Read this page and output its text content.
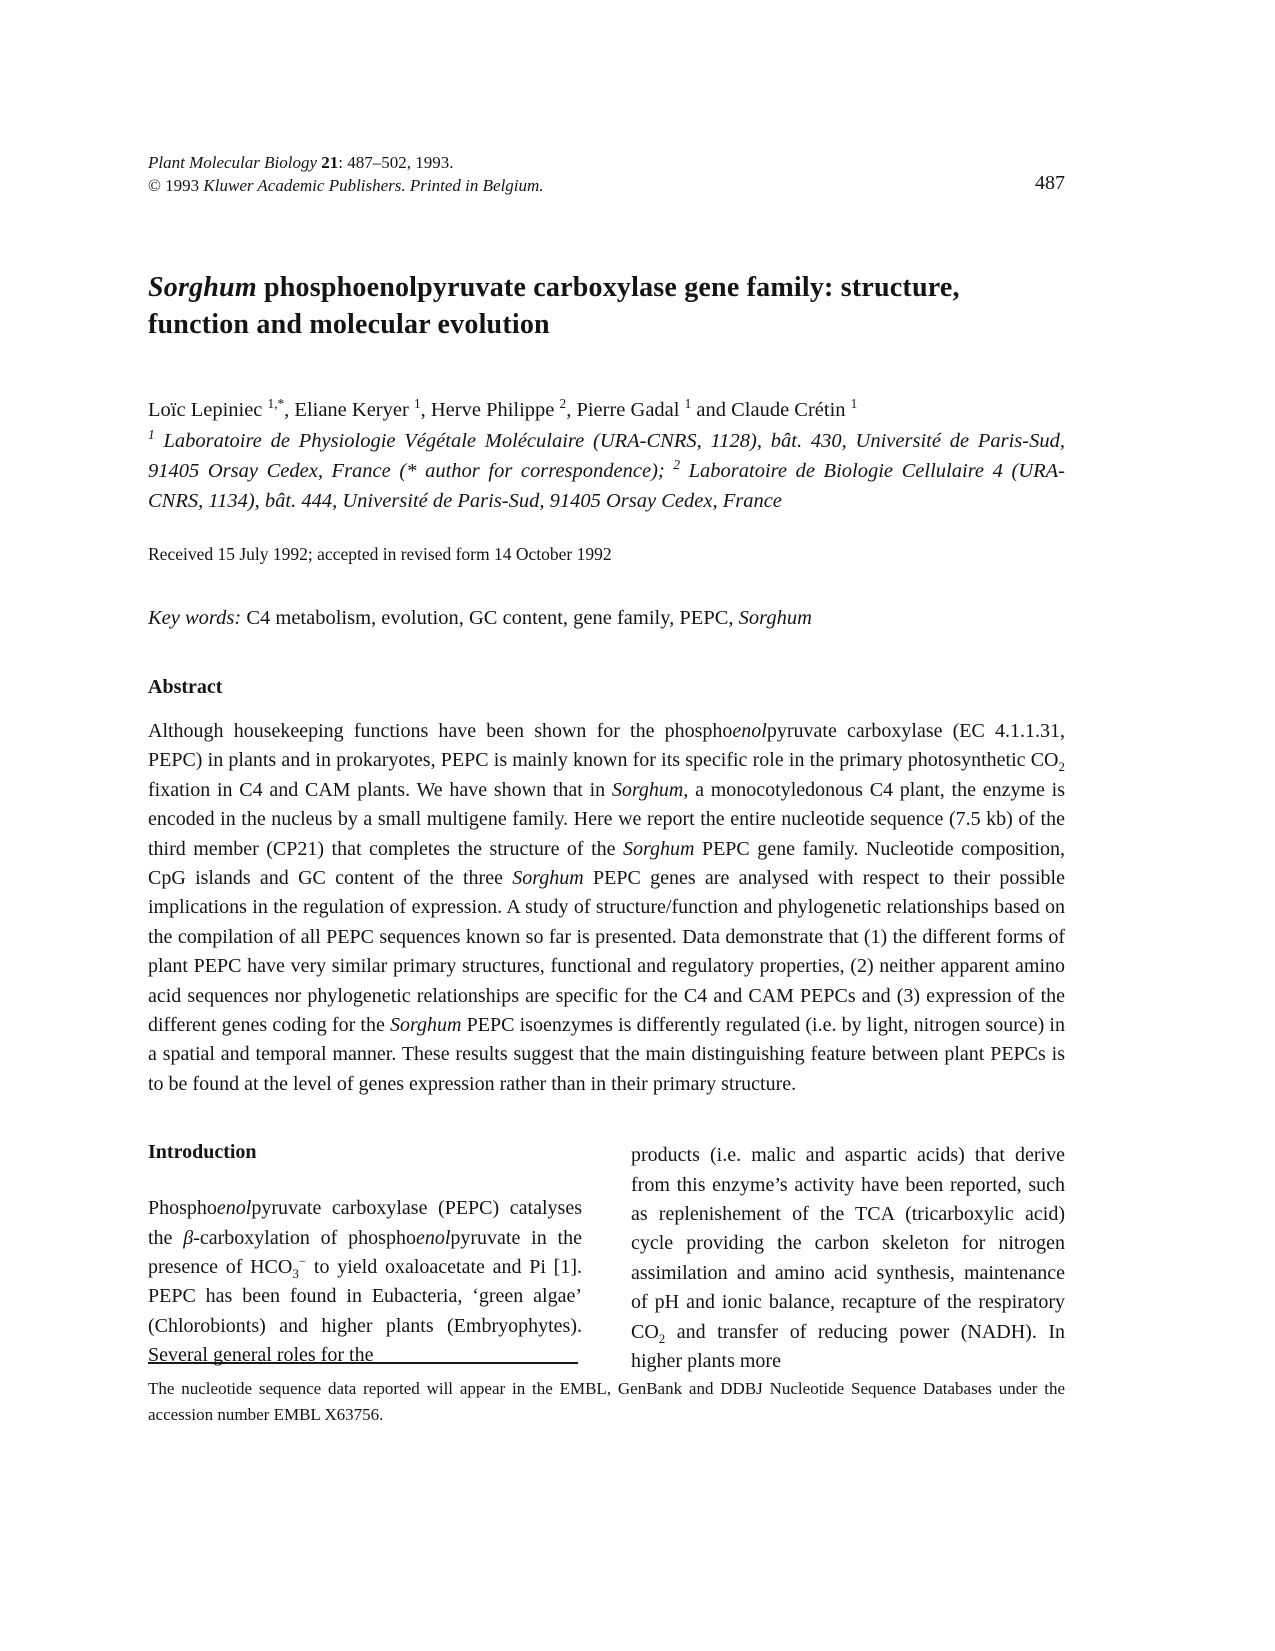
Plant Molecular Biology 21: 487–502, 1993.
© 1993 Kluwer Academic Publishers. Printed in Belgium.	487
Sorghum phosphoenolpyruvate carboxylase gene family: structure, function and molecular evolution

Loïc Lepiniec $^{1,*}$, Eliane Keryer $^1$, Herve Philippe $^2$, Pierre Gadal $^1$ and Claude Crétin $^1$

$^1$ Laboratoire de Physiologie Végétale Moléculaire (URA-CNRS, 1128), bât. 430, Université de Paris-Sud, 91405 Orsay Cedex, France (* author for correspondence); $^2$ Laboratoire de Biologie Cellulaire 4 (URA-CNRS, 1134), bât. 444, Université de Paris-Sud, 91405 Orsay Cedex, France

Received 15 July 1992; accepted in revised form 14 October 1992

Key words: C4 metabolism, evolution, GC content, gene family, PEPC, Sorghum

Abstract

Although housekeeping functions have been shown for the phosphoenolpyruvate carboxylase (EC 4.1.1.31, PEPC) in plants and in prokaryotes, PEPC is mainly known for its specific role in the primary photosynthetic $CO_2$ fixation in C4 and CAM plants. We have shown that in Sorghum, a monocotyledonous C4 plant, the enzyme is encoded in the nucleus by a small multigene family. Here we report the entire nucleotide sequence (7.5 kb) of the third member (CP21) that completes the structure of the Sorghum PEPC gene family. Nucleotide composition, CpG islands and GC content of the three Sorghum PEPC genes are analysed with respect to their possible implications in the regulation of expression. A study of structure/function and phylogenetic relationships based on the compilation of all PEPC sequences known so far is presented. Data demonstrate that (1) the different forms of plant PEPC have very similar primary structures, functional and regulatory properties, (2) neither apparent amino acid sequences nor phylogenetic relationships are specific for the C4 and CAM PEPCs and (3) expression of the different genes coding for the Sorghum PEPC isoenzymes is differently regulated (i.e. by light, nitrogen source) in a spatial and temporal manner. These results suggest that the main distinguishing feature between plant PEPCs is to be found at the level of genes expression rather than in their primary structure.

Introduction

Phosphoenolpyruvate carboxylase (PEPC) catalyses the β-carboxylation of phosphoenolpyruvate in the presence of $HCO_3^-$ to yield oxaloacetate and Pi [1]. PEPC has been found in Eubacteria, ‘green algae’ (Chlorobionts) and higher plants (Embryophytes). Several general roles for the

products (i.e. malic and aspartic acids) that derive from this enzyme’s activity have been reported, such as replenishement of the TCA (tricarboxylic acid) cycle providing the carbon skeleton for nitrogen assimilation and amino acid synthesis, maintenance of pH and ionic balance, recapture of the respiratory $CO_2$ and transfer of reducing power (NADH). In higher plants more

The nucleotide sequence data reported will appear in the EMBL, GenBank and DDBJ Nucleotide Sequence Databases under the accession number EMBL X63756.
